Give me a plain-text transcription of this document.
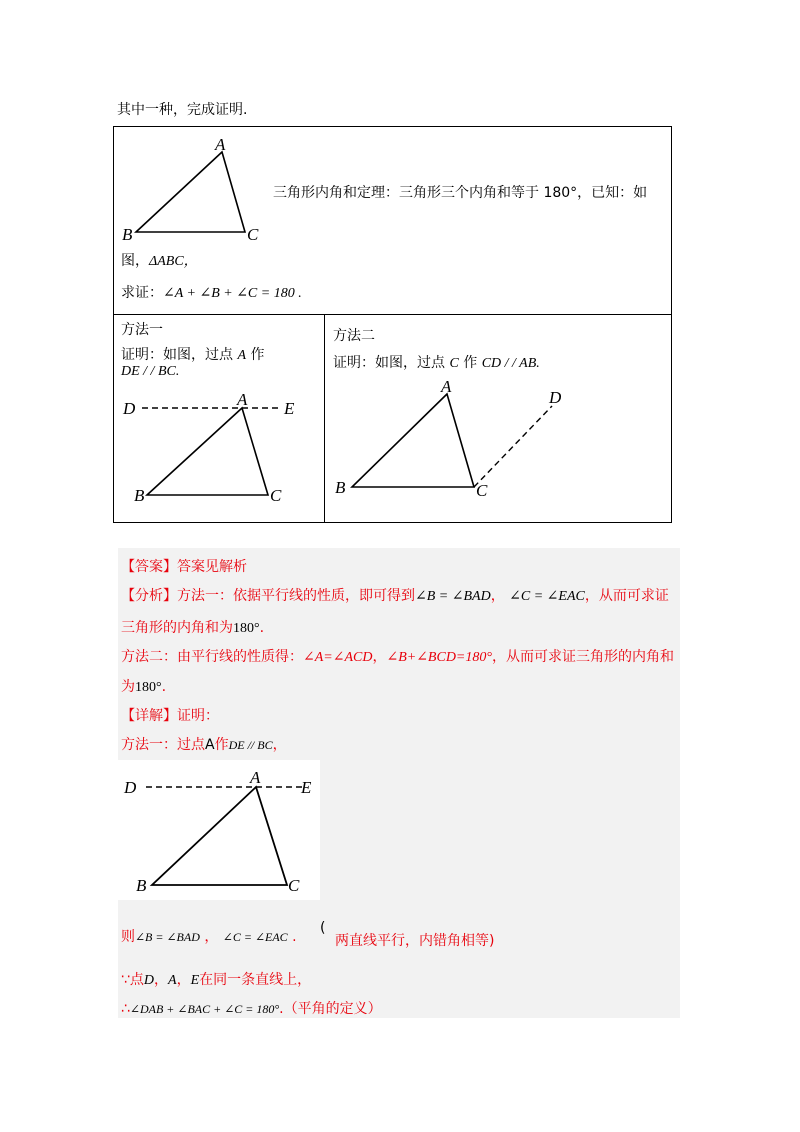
其中一种，完成证明.
A
B	C
三角形内角和定理：三角形三个内角和等于 180°，已知：如
图，ΔABC，
求证：∠A + ∠B + ∠C = 180 .
方法一
证明：如图，过点 A 作
DE / / BC.
D	A E
B	C
方法二
证明：如图，过点 C 作 CD / / AB.
A
B	C
D
【答案】答案见解析
【分析】方法一：依据平行线的性质，即可得到∠B = ∠BAD， ∠C = ∠EAC，从而可求证
三角形的内角和为180°.
方法二：由平行线的性质得：∠A=∠ACD，∠B+∠BCD=180°，从而可求证三角形的内角和
为180°.
【详解】证明：
方法一：过点A作DE // BC，
D
A
E
B	C
则∠B = ∠BAD ， ∠C = ∠EAC .
(
两直线平行，内错角相等)
∵点D，A，E在同一条直线上，
∴∠DAB + ∠BAC + ∠C = 180°.（平角的定义）
